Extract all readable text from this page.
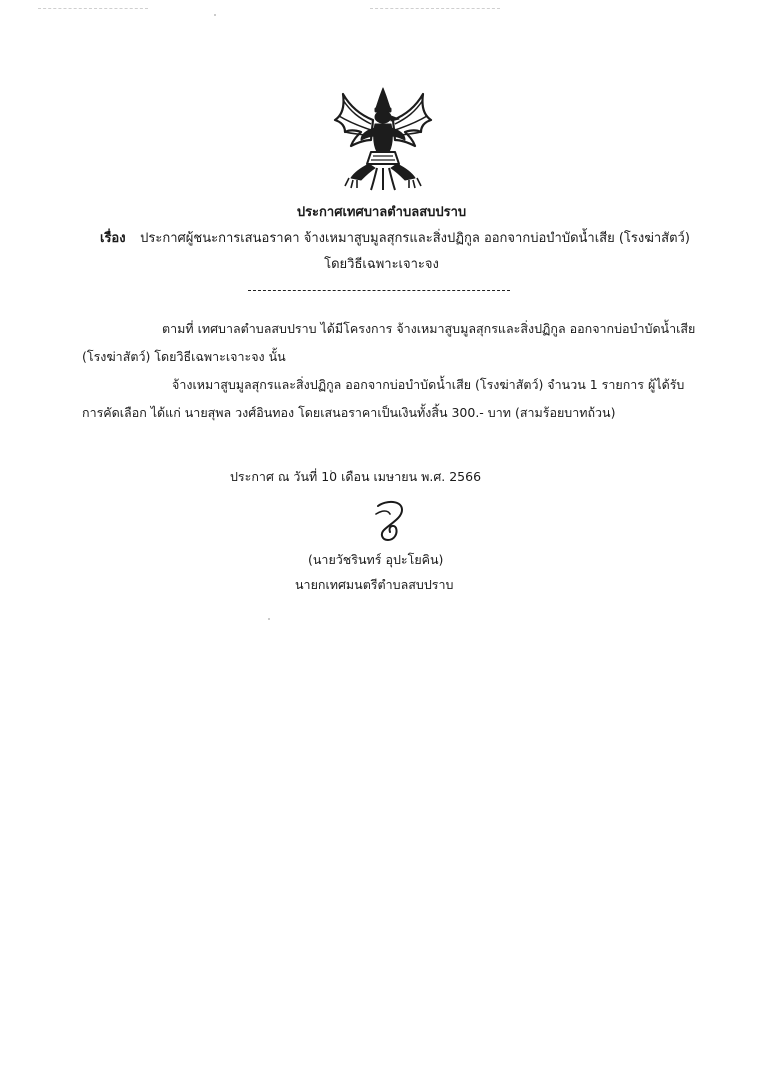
ประกาศเทศบาลตำบลสบปราบ
เรื่อง ประกาศผู้ชนะการเสนอราคา จ้างเหมาสูบมูลสุกรและสิ่งปฏิกูล ออกจากบ่อบำบัดน้ำเสีย (โรงฆ่าสัตว์)
โดยวิธีเฉพาะเจาะจง
ตามที่ เทศบาลตำบลสบปราบ ได้มีโครงการ จ้างเหมาสูบมูลสุกรและสิ่งปฏิกูล ออกจากบ่อบำบัดน้ำเสีย
(โรงฆ่าสัตว์) โดยวิธีเฉพาะเจาะจง นั้น
จ้างเหมาสูบมูลสุกรและสิ่งปฏิกูล ออกจากบ่อบำบัดน้ำเสีย (โรงฆ่าสัตว์) จำนวน 1 รายการ ผู้ได้รับ
การคัดเลือก ได้แก่ นายสุพล วงศ์อินทอง โดยเสนอราคาเป็นเงินทั้งสิ้น 300.- บาท (สามร้อยบาทถ้วน)
ประกาศ ณ วันที่ 10 เดือน เมษายน พ.ศ. 2566
(นายวัชรินทร์ อุปะโยคิน)
นายกเทศมนตรีตำบลสบปราบ
